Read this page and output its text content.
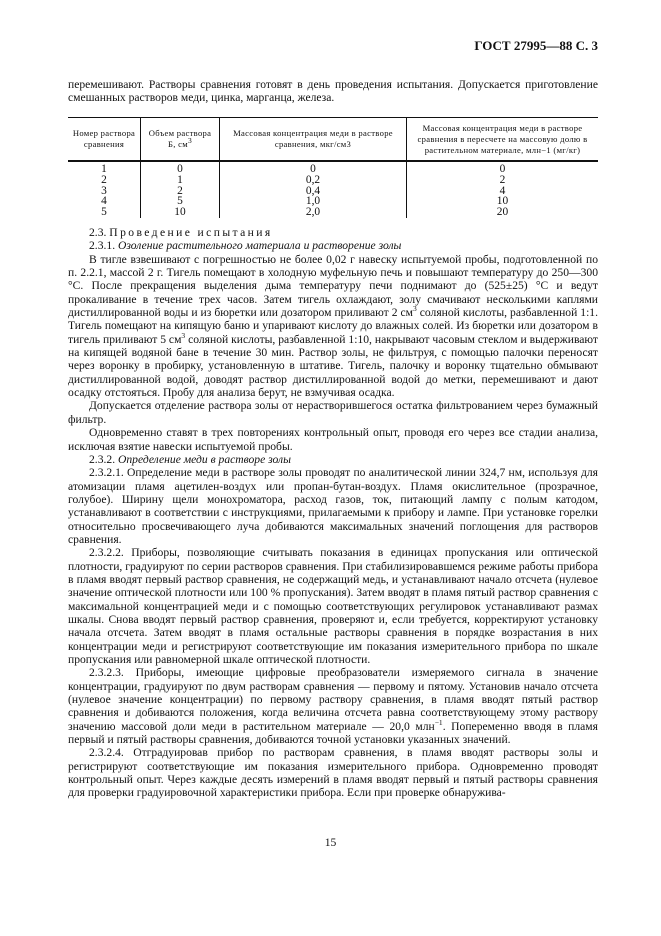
ГОСТ 27995—88 С. 3

перемешивают. Растворы сравнения готовят в день проведения испытания. Допускается приготовление смешанных растворов меди, цинка, марганца, железа.

Номер раствора сравнения	Объем раствора Б, $см^3$	Массовая концентрация меди в растворе сравнения, мкг/см3	Массовая концентрация меди в растворе сравнения в пересчете на массовую долю в растительном материале, млн−1 (мг/кг)
1	0	0	0
2	1	0,2	2
3	2	0,4	4
4	5	1,0	10
5	10	2,0	20

2.3. Проведение испытания

2.3.1. Озоление растительного материала и растворение золы

В тигле взвешивают с погрешностью не более 0,02 г навеску испытуемой пробы, подготовленной по п. 2.2.1, массой 2 г. Тигель помещают в холодную муфельную печь и повышают температуру до 250—300 °С. После прекращения выделения дыма температуру печи поднимают до (525±25) °С и ведут прокаливание в течение трех часов. Затем тигель охлаждают, золу смачивают несколькими каплями дистиллированной воды и из бюретки или дозатором приливают 2 $см^3$ соляной кислоты, разбавленной 1:1. Тигель помещают на кипящую баню и упаривают кислоту до влажных солей. Из бюретки или дозатором в тигель приливают 5 $см^3$ соляной кислоты, разбавленной 1:10, накрывают часовым стеклом и выдерживают на кипящей водяной бане в течение 30 мин. Раствор золы, не фильтруя, с помощью палочки переносят через воронку в пробирку, установленную в штативе. Тигель, палочку и воронку тщательно обмывают дистиллированной водой, доводят раствор дистиллированной водой до метки, перемешивают и дают осадку отстояться. Пробу для анализа берут, не взмучивая осадка.

Допускается отделение раствора золы от нерастворившегося остатка фильтрованием через бумажный фильтр.

Одновременно ставят в трех повторениях контрольный опыт, проводя его через все стадии анализа, исключая взятие навески испытуемой пробы.

2.3.2. Определение меди в растворе золы

2.3.2.1. Определение меди в растворе золы проводят по аналитической линии 324,7 нм, используя для атомизации пламя ацетилен-воздух или пропан-бутан-воздух. Пламя окислительное (прозрачное, голубое). Ширину щели монохроматора, расход газов, ток, питающий лампу с полым катодом, устанавливают в соответствии с инструкциями, прилагаемыми к прибору и лампе. При установке горелки относительно просвечивающего луча добиваются максимальных значений поглощения для растворов сравнения.

2.3.2.2. Приборы, позволяющие считывать показания в единицах пропускания или оптической плотности, градуируют по серии растворов сравнения. При стабилизировавшемся режиме работы прибора в пламя вводят первый раствор сравнения, не содержащий медь, и устанавливают начало отсчета (нулевое значение оптической плотности или 100 % пропускания). Затем вводят в пламя пятый раствор сравнения с максимальной концентрацией меди и с помощью соответствующих регулировок устанавливают размах шкалы. Снова вводят первый раствор сравнения, проверяют и, если требуется, корректируют установку начала отсчета. Затем вводят в пламя остальные растворы сравнения в порядке возрастания в них концентрации меди и регистрируют соответствующие им показания измерительного прибора по шкале пропускания или равномерной шкале оптической плотности.

2.3.2.3. Приборы, имеющие цифровые преобразователи измеряемого сигнала в значение концентрации, градуируют по двум растворам сравнения — первому и пятому. Установив начало отсчета (нулевое значение концентрации) по первому раствору сравнения, в пламя вводят пятый раствор сравнения и добиваются положения, когда величина отсчета равна соответствующему этому раствору значению массовой доли меди в растительном материале — 20,0 млн$^{-1}$. Попеременно вводя в пламя первый и пятый растворы сравнения, добиваются точной установки указанных значений.

2.3.2.4. Отградуировав прибор по растворам сравнения, в пламя вводят растворы золы и регистрируют соответствующие им показания измерительного прибора. Одновременно проводят контрольный опыт. Через каждые десять измерений в пламя вводят первый и пятый растворы сравнения для проверки градуировочной характеристики прибора. Если при проверке обнаружива-

15
